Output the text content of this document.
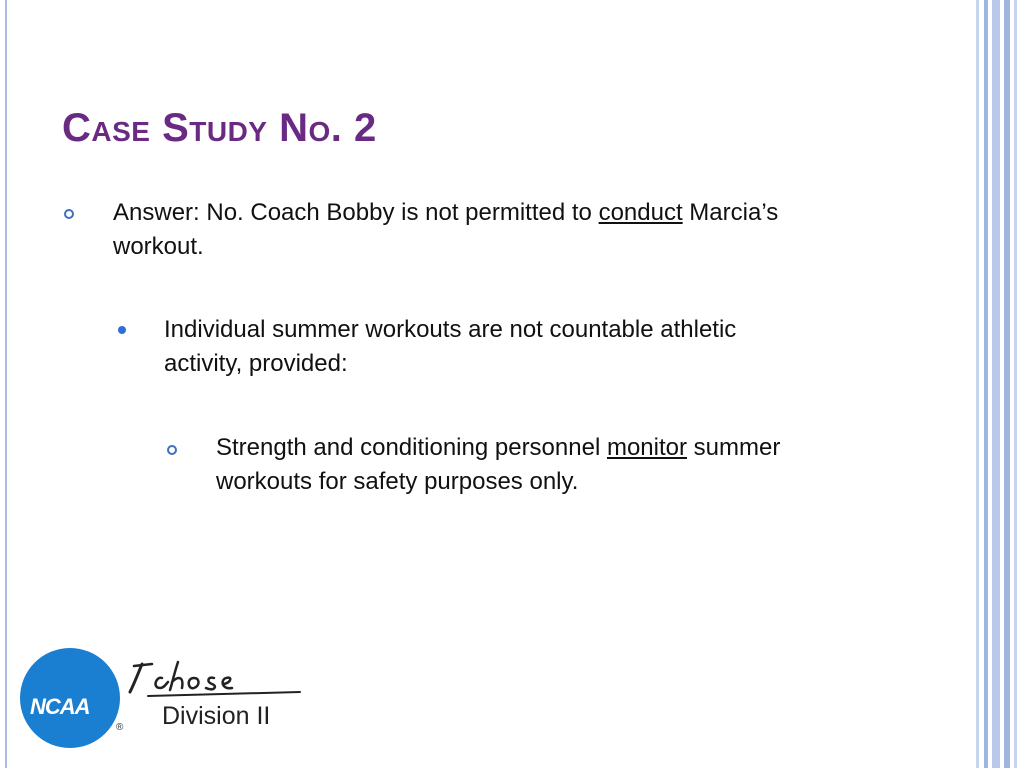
Case Study No. 2
Answer: No. Coach Bobby is not permitted to conduct Marcia’s
workout.
Individual summer workouts are not countable athletic
activity, provided:
Strength and conditioning personnel monitor summer
workouts for safety purposes only.
NCAA
® Division II
